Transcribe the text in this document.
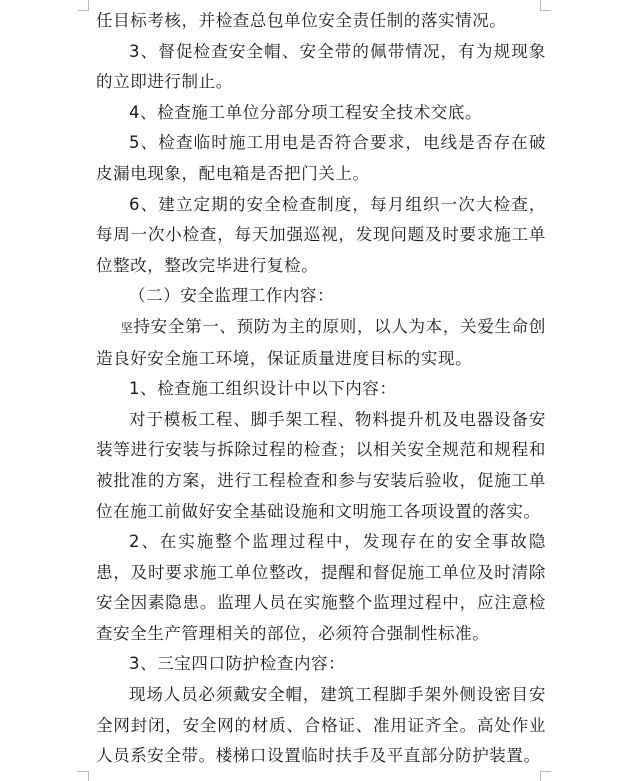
任目标考核，并检查总包单位安全责任制的落实情况。

3、督促检查安全帽、安全带的佩带情况，有为规现象的立即进行制止。

4、检查施工单位分部分项工程安全技术交底。

5、检查临时施工用电是否符合要求，电线是否存在破皮漏电现象，配电箱是否把门关上。

6、建立定期的安全检查制度，每月组织一次大检查，每周一次小检查，每天加强巡视，发现问题及时要求施工单位整改，整改完毕进行复检。

（二）安全监理工作内容：

坚持安全第一、预防为主的原则，以人为本，关爱生命创造良好安全施工环境，保证质量进度目标的实现。

1、检查施工组织设计中以下内容：

对于模板工程、脚手架工程、物料提升机及电器设备安装等进行安装与拆除过程的检查；以相关安全规范和规程和被批准的方案，进行工程检查和参与安装后验收，促施工单位在施工前做好安全基础设施和文明施工各项设置的落实。

2、在实施整个监理过程中，发现存在的安全事故隐患，及时要求施工单位整改，提醒和督促施工单位及时清除安全因素隐患。监理人员在实施整个监理过程中，应注意检查安全生产管理相关的部位，必须符合强制性标准。

3、三宝四口防护检查内容：

现场人员必须戴安全帽，建筑工程脚手架外侧设密目安全网封闭，安全网的材质、合格证、准用证齐全。高处作业人员系安全带。楼梯口设置临时扶手及平直部分防护装置。
